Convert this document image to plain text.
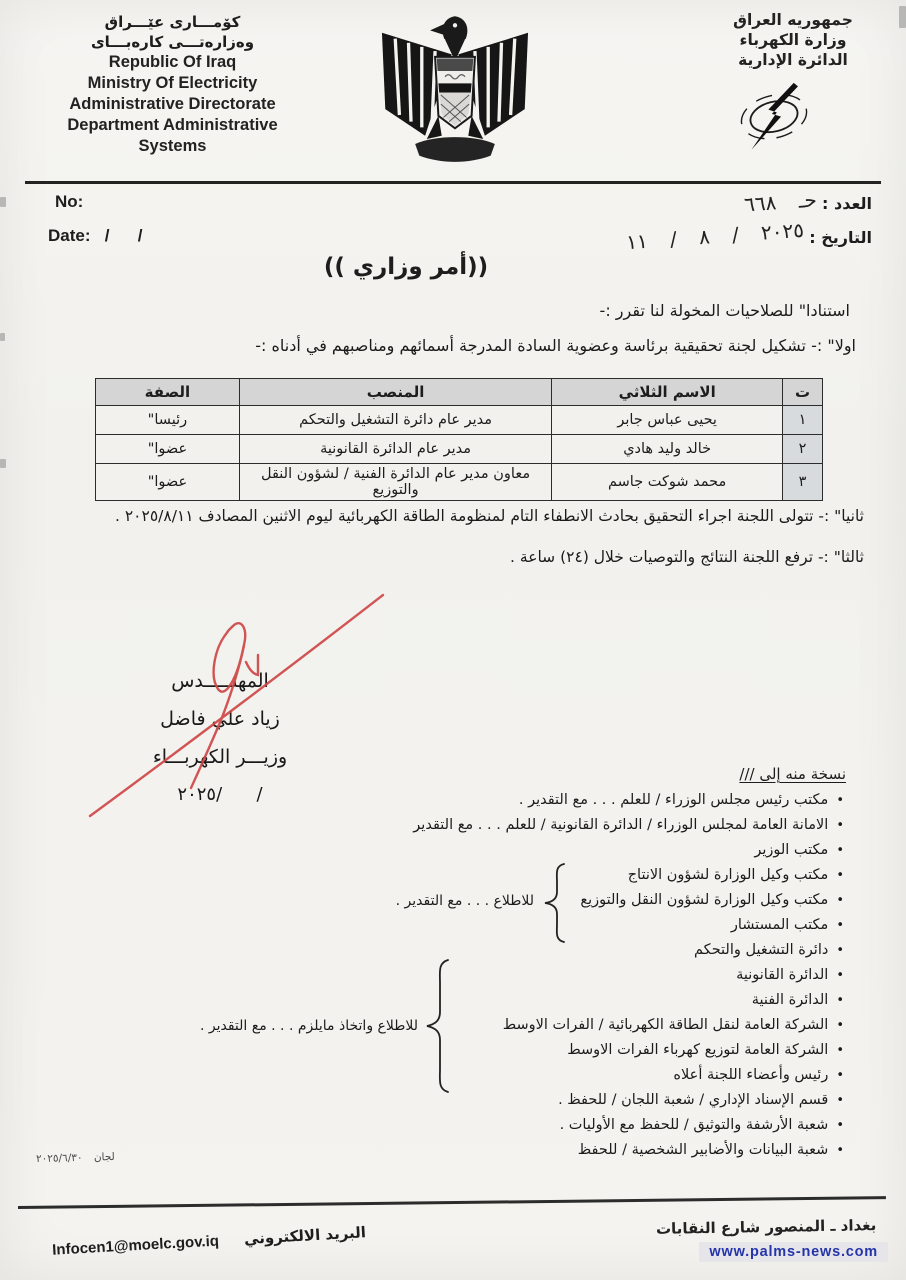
كۆمـــارى عێـــراق
وەزارەتـــى كارەبـــاى
Republic Of Iraq
Ministry Of Electricity
Administrative Directorate
Department Administrative
Systems
جمهوريه العراق
وزارة الكهرباء
الدائرة الإدارية
No:
Date: /      /
العدد : حـ ٦٦٨
التاريخ : ٢٠٢٥ / ٨ / ١١
((أمر وزاري ))
استنادا" للصلاحيات المخولة لنا تقرر :-
اولا" :- تشكيل لجنة تحقيقية برئاسة وعضوية السادة المدرجة أسمائهم ومناصبهم في أدناه :-
ت	الاسم الثلاثي	المنصب	الصفة
١	يحيى عباس جابر	مدير عام دائرة التشغيل والتحكم	رئيسا"
٢	خالد وليد هادي	مدير عام الدائرة القانونية	عضوا"
٣	محمد شوكت جاسم	معاون مدير عام الدائرة الفنية / لشؤون النقل والتوزيع	عضوا"
ثانيا" :- تتولى اللجنة اجراء التحقيق بحادث الانطفاء التام لمنظومة الطاقة الكهربائية ليوم الاثنين المصادف ٢٠٢٥/٨/١١ .
ثالثا" :- ترفع اللجنة النتائج والتوصيات خلال (٢٤) ساعة .
المهنـــــدس
زياد علي فاضل
وزيـــر الكهربـــاء
٢٠٢٥/      /
نسخة منه إلى ///
• مكتب رئيس مجلس الوزراء / للعلم . . . مع التقدير .
• الامانة العامة لمجلس الوزراء / الدائرة القانونية / للعلم . . . مع التقدير
• مكتب الوزير
• مكتب وكيل الوزارة لشؤون الانتاج
• مكتب وكيل الوزارة لشؤون النقل والتوزيع
• مكتب المستشار
• دائرة التشغيل والتحكم
• الدائرة القانونية
• الدائرة الفنية
• الشركة العامة لنقل الطاقة الكهربائية / الفرات الاوسط
• الشركة العامة لتوزيع كهرباء الفرات الاوسط
• رئيس وأعضاء اللجنة أعلاه
• قسم الإسناد الإداري / شعبة اللجان / للحفظ .
• شعبة الأرشفة والتوثيق / للحفظ مع الأوليات .
• شعبة البيانات والأضابير الشخصية / للحفظ
للاطلاع . . . مع التقدير .
للاطلاع واتخاذ مايلزم . . . مع التقدير .
لجان ٢٠٢٥/٦/٣٠
بغداد ـ المنصور شارع النقابات
www.palms-news.com
Infocen1@moelc.gov.iq البريد الالكتروني
